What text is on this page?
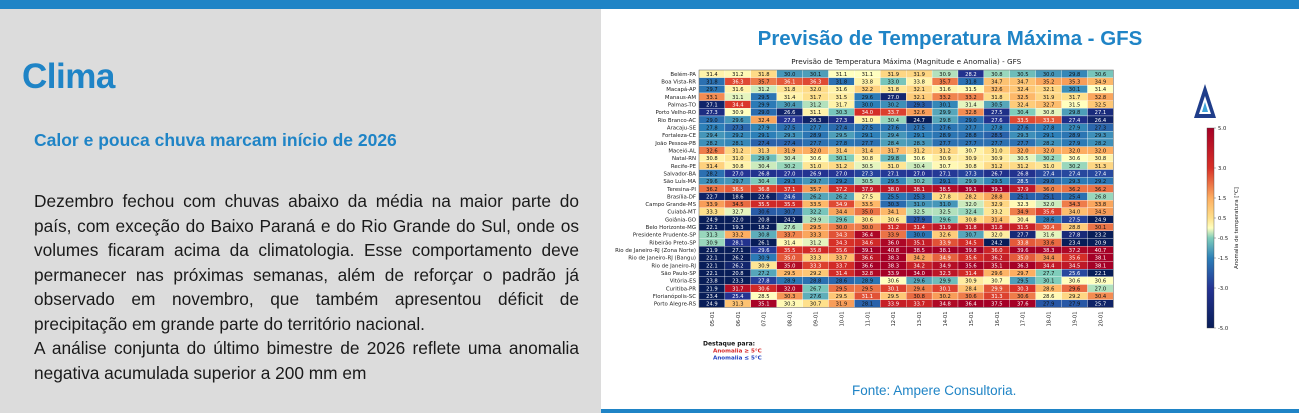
Clima
Calor e pouca chuva marcam início de 2026

Dezembro fechou com chuvas abaixo da média na maior parte do país, com exceção do Baixo Paraná e do Rio Grande do Sul, onde os volumes ficaram acima da climatologia. Esse comportamento deve permanecer nas próximas semanas, além de reforçar o padrão já observado em novembro, que também apresentou déficit de precipitação em grande parte do território nacional.

A análise conjunta do último bimestre de 2026 reflete uma anomalia negativa acumulada superior a 200 mm em

Previsão de Temperatura Máxima - GFS
Previsão de Temperatura Máxima (Magnitude e Anomalia) - GFS
Belém-PA 31.4	31.2	31.8	30.0	30.1	31.1	31.1	31.9	31.9	30.9	28.2	30.8	30.5	30.0	29.8	30.6
Boa Vista-RR 31.8	36.3	35.7	36.1	36.3	31.8	33.8	33.0	33.8	35.7	31.8	34.7	34.7	35.2	35.3	34.9
Macapá-AP 29.7	31.6	31.2	31.8	32.0	31.6	32.2	31.8	32.1	31.6	31.5	32.6	32.4	32.1	30.1	31.4
Manaus-AM 33.1	31.1	29.5	31.4	31.7	31.5	29.6	27.0	32.1	33.2	33.2	31.8	32.5	31.9	31.7	32.8
Palmas-TO 27.1	34.4	29.9	30.4	31.2	31.7	30.0	30.2	29.3	30.1	31.4	30.5	32.4	32.7	31.5	32.5
Porto Velho-RO 27.3	30.9	29.0	26.6	31.1	30.3	34.0	33.7	32.6	29.9	32.8	27.5	30.4	30.8	29.8	27.1
Rio Branco-AC 29.0	29.6	32.4	27.8	26.3	27.3	31.0	30.4	24.7	29.8	29.0	27.6	33.5	33.3	27.4	26.4
Aracaju-SE 27.8	27.3	27.9	27.5	27.7	27.4	27.5	27.6	27.5	27.6	27.7	27.8	27.6	27.8	27.9	27.3
Fortaleza-CE 29.4	29.2	29.1	29.3	28.9	29.5	29.1	29.4	29.1	28.9	28.8	28.5	29.3	29.1	28.9	29.3
João Pessoa-PB 28.2	28.1	27.4	27.4	27.7	27.8	27.7	28.4	28.3	27.7	27.7	27.7	27.7	28.2	27.9	28.2
Maceió-AL 32.6	31.2	31.3	31.9	32.0	31.4	31.4	31.7	31.2	31.2	30.7	31.0	32.0	32.0	32.0	32.0
Natal-RN 30.8	31.0	29.9	30.4	30.6	30.1	30.8	29.8	30.6	30.9	30.9	30.9	30.5	30.2	30.6	30.8
Recife-PE 31.4	30.8	30.4	30.2	31.0	31.2	30.5	31.0	30.4	30.7	30.8	31.2	31.2	31.0	30.2	31.3
Salvador-BA 28.2	27.0	26.8	27.0	26.9	27.0	27.3	27.1	27.0	27.1	27.3	26.7	26.8	27.4	27.4	27.4
São Luís-MA 29.6	29.7	30.4	29.3	29.7	29.2	30.5	29.5	30.2	29.1	29.9	29.5	28.5	29.0	29.3	29.2
Teresina-PI 36.2	36.5	36.8	37.1	35.7	37.2	37.9	38.0	38.1	38.5	39.1	39.3	37.9	36.0	36.2	36.2
Brasília-DF 22.7	18.6	22.6	24.6	26.2	26.2	27.5	25.5	25.3	27.8	28.2	28.8	25.1	25.1	25.4	26.8
Campo Grande-MS 33.9	34.5	35.5	35.5	33.5	34.9	33.5	30.3	31.0	31.0	32.0	32.9	32.3	32.0	34.3	33.8
Cuiabá-MT 33.3	32.7	30.6	30.7	32.2	34.4	35.0	34.1	32.5	32.5	32.4	33.2	34.9	35.6	34.0	34.5
Goiânia-GO 24.9	22.0	20.8	24.2	29.9	29.6	30.6	30.6	27.9	29.6	30.8	31.4	30.4	28.6	27.5	24.9
Belo Horizonte-MG 22.1	19.3	18.2	27.6	29.5	30.0	30.0	31.2	31.4	31.9	31.8	31.8	31.5	30.4	28.8	30.1
Presidente Prudente-SP 31.3	33.2	30.8	33.7	33.3	34.3	36.4	33.9	30.0	32.6	30.7	32.0	27.7	31.6	27.8	23.2
Ribeirão Preto-SP 30.9	28.1	26.1	31.4	31.2	34.3	34.6	36.0	35.1	33.9	34.5	24.2	33.8	33.6	23.4	20.9
Rio de Janeiro-RJ (Zona Norte) 21.9	27.1	29.6	35.5	35.8	35.6	39.1	40.8	38.5	38.1	39.8	36.0	39.6	38.3	37.2	40.7
Rio de Janeiro-RJ (Bangu) 22.1	26.2	30.9	35.0	33.3	33.7	36.6	38.3	34.2	34.9	35.6	36.2	35.0	34.4	35.6	38.1
Rio de Janeiro-RJ 22.1	26.2	30.9	35.0	33.3	33.7	36.6	38.3	34.2	34.9	35.6	35.1	36.3	34.4	34.5	38.1
São Paulo-SP 22.1	20.8	27.2	29.5	29.2	31.4	32.8	33.9	34.0	32.3	31.4	29.6	29.7	27.7	25.6	22.1
Vitória-ES 23.8	23.3	27.8	28.9	28.8	28.6	28.9	30.6	29.6	29.9	30.9	30.7	29.5	30.1	30.6	30.6
Curitiba-PR 21.9	31.7	30.6	32.0	26.7	29.5	29.5	30.1	29.4	30.1	28.4	29.9	30.3	28.6	29.6	27.0
Florianópolis-SC 23.4	25.4	28.5	30.3	27.6	29.5	31.1	29.5	30.8	30.2	30.6	31.3	30.6	28.6	29.2	30.4
Porto Alegre-RS 24.9	31.3	35.1	30.3	30.7	31.9	28.1	33.9	33.7	34.8	36.4	37.5	37.6	27.9	27.9	25.7
05-01	06-01	07-01	08-01	09-01	10-01	11-01	12-01	13-01	14-01	15-01	16-01	17-01	18-01	19-01	20-01
Destaque para:
Anomalia ≥ 5°C
Anomalia ≤ 5°C
5.0
3.0
1.5
0.5
-0.5
-1.5
-3.0
-5.0
Anomalia de temperatura [°C]
Fonte: Ampere Consultoria.
